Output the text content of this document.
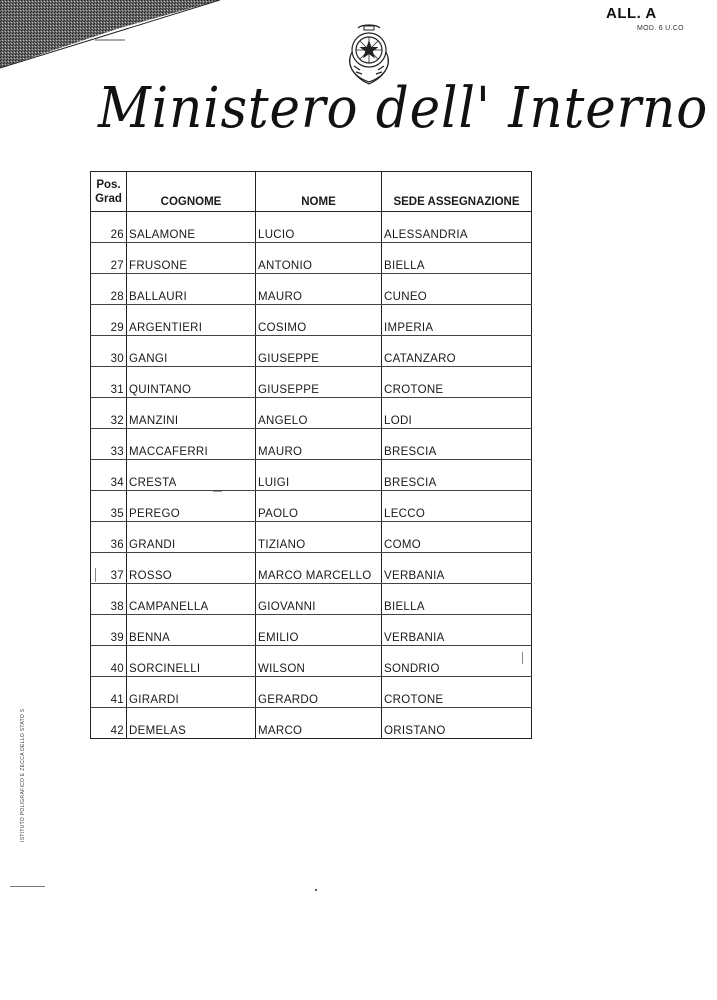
ALL. A
MOD. 6 U.CO
Ministero dell' Interno
Pos.
Grad	COGNOME	NOME	SEDE ASSEGNAZIONE
26	SALAMONE	LUCIO	ALESSANDRIA
27	FRUSONE	ANTONIO	BIELLA
28	BALLAURI	MAURO	CUNEO
29	ARGENTIERI	COSIMO	IMPERIA
30	GANGI	GIUSEPPE	CATANZARO
31	QUINTANO	GIUSEPPE	CROTONE
32	MANZINI	ANGELO	LODI
33	MACCAFERRI	MAURO	BRESCIA
34	CRESTA	LUIGI	BRESCIA
35	PEREGO	PAOLO	LECCO
36	GRANDI	TIZIANO	COMO
37	ROSSO	MARCO MARCELLO	VERBANIA
38	CAMPANELLA	GIOVANNI	BIELLA
39	BENNA	EMILIO	VERBANIA
40	SORCINELLI	WILSON	SONDRIO
41	GIRARDI	GERARDO	CROTONE
42	DEMELAS	MARCO	ORISTANO
ISTITUTO POLIGRAFICO E ZECCA DELLO STATO S
